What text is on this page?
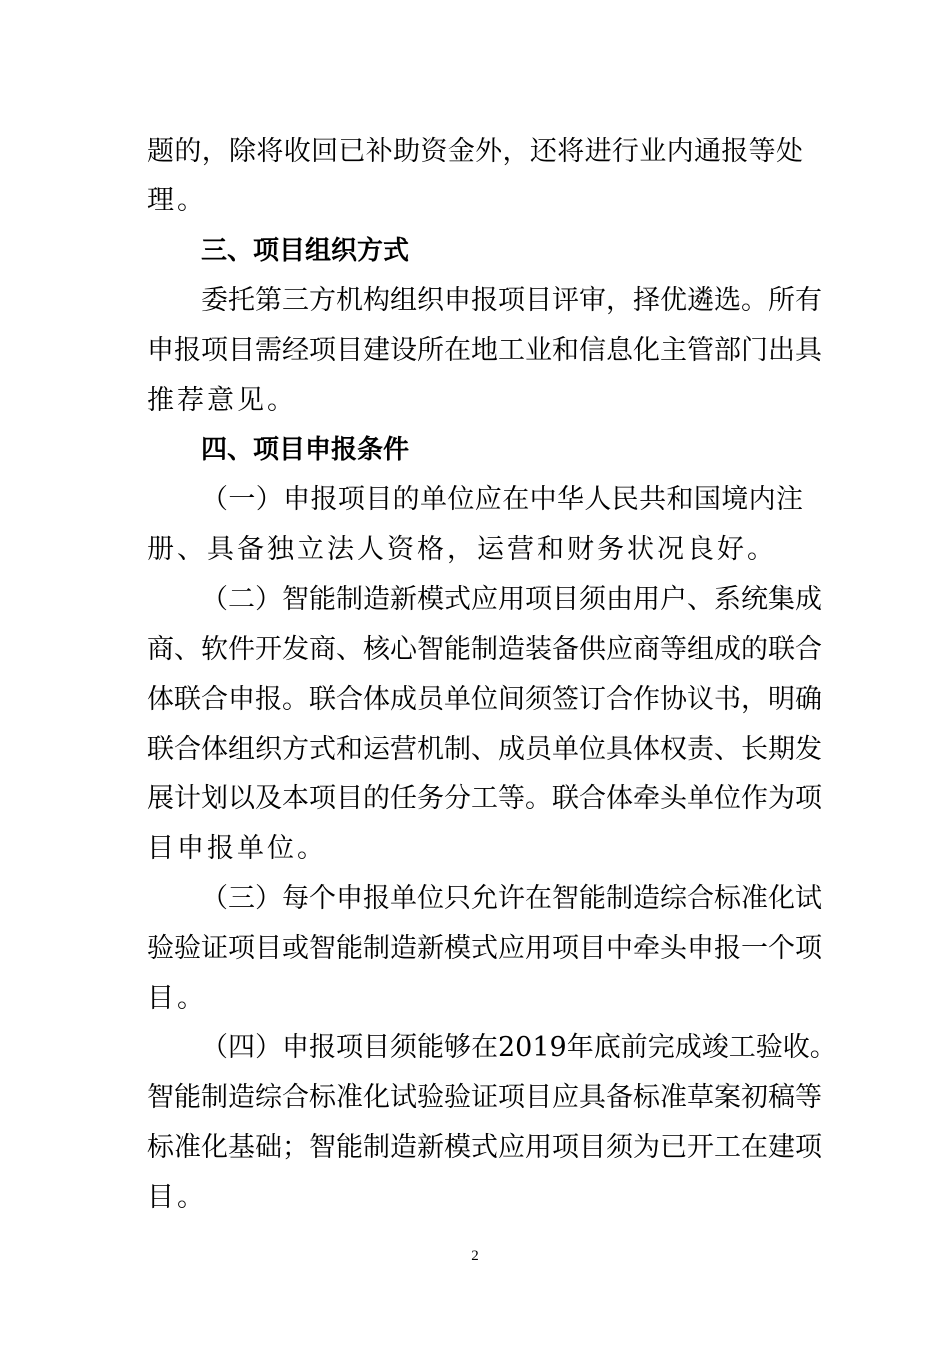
题的，除将收回已补助资金外，还将进行业内通报等处
理。
三、项目组织方式
委托第三方机构组织申报项目评审，择优遴选。所有
申报项目需经项目建设所在地工业和信息化主管部门出具
推荐意见。
四、项目申报条件
（一）申报项目的单位应在中华人民共和国境内注
册、具备独立法人资格，运营和财务状况良好。
（二）智能制造新模式应用项目须由用户、系统集成
商、软件开发商、核心智能制造装备供应商等组成的联合
体联合申报。联合体成员单位间须签订合作协议书，明确
联合体组织方式和运营机制、成员单位具体权责、长期发
展计划以及本项目的任务分工等。联合体牵头单位作为项
目申报单位。
（三）每个申报单位只允许在智能制造综合标准化试
验验证项目或智能制造新模式应用项目中牵头申报一个项
目。
（四）申报项目须能够在2019年底前完成竣工验收。
智能制造综合标准化试验验证项目应具备标准草案初稿等
标准化基础；智能制造新模式应用项目须为已开工在建项
目。
2
